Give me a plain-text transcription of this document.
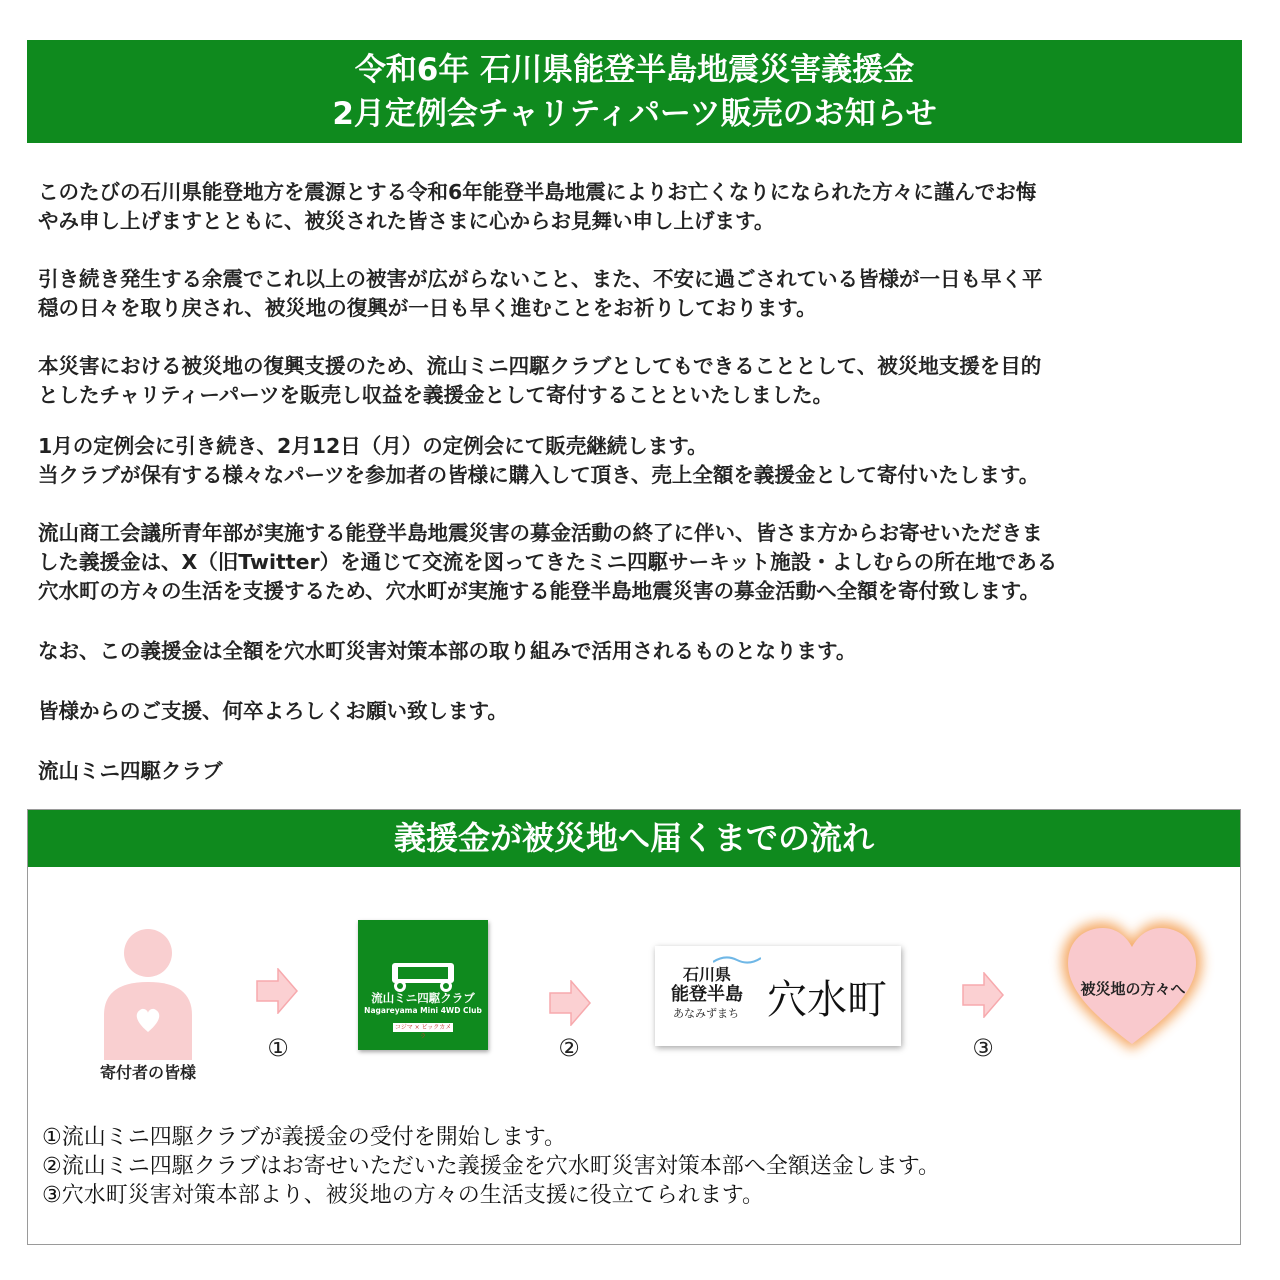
令和6年 石川県能登半島地震災害義援金
2月定例会チャリティパーツ販売のお知らせ

このたびの石川県能登地方を震源とする令和6年能登半島地震によりお亡くなりになられた方々に謹んでお悔
やみ申し上げますとともに、被災された皆さまに心からお見舞い申し上げます。

引き続き発生する余震でこれ以上の被害が広がらないこと、また、不安に過ごされている皆様が一日も早く平
穏の日々を取り戻され、被災地の復興が一日も早く進むことをお祈りしております。

本災害における被災地の復興支援のため、流山ミニ四駆クラブとしてもできることとして、被災地支援を目的
としたチャリティーパーツを販売し収益を義援金として寄付することといたしました。

1月の定例会に引き続き、2月12日（月）の定例会にて販売継続します。
当クラブが保有する様々なパーツを参加者の皆様に購入して頂き、売上全額を義援金として寄付いたします。

流山商工会議所青年部が実施する能登半島地震災害の募金活動の終了に伴い、皆さま方からお寄せいただきま
した義援金は、X（旧Twitter）を通じて交流を図ってきたミニ四駆サーキット施設・よしむらの所在地である
穴水町の方々の生活を支援するため、穴水町が実施する能登半島地震災害の募金活動へ全額を寄付致します。

なお、この義援金は全額を穴水町災害対策本部の取り組みで活用されるものとなります。

皆様からのご支援、何卒よろしくお願い致します。

流山ミニ四駆クラブ

義援金が被災地へ届くまでの流れ
寄付者の皆様
①
流山ミニ四駆クラブ
Nagareyama Mini 4WD Club
コジマ × ビックカメラ	②
石川県
能登半島
あなみずまち 穴水町
③
被災地の方々へ
①流山ミニ四駆クラブが義援金の受付を開始します。
②流山ミニ四駆クラブはお寄せいただいた義援金を穴水町災害対策本部へ全額送金します。
③穴水町災害対策本部より、被災地の方々の生活支援に役立てられます。
